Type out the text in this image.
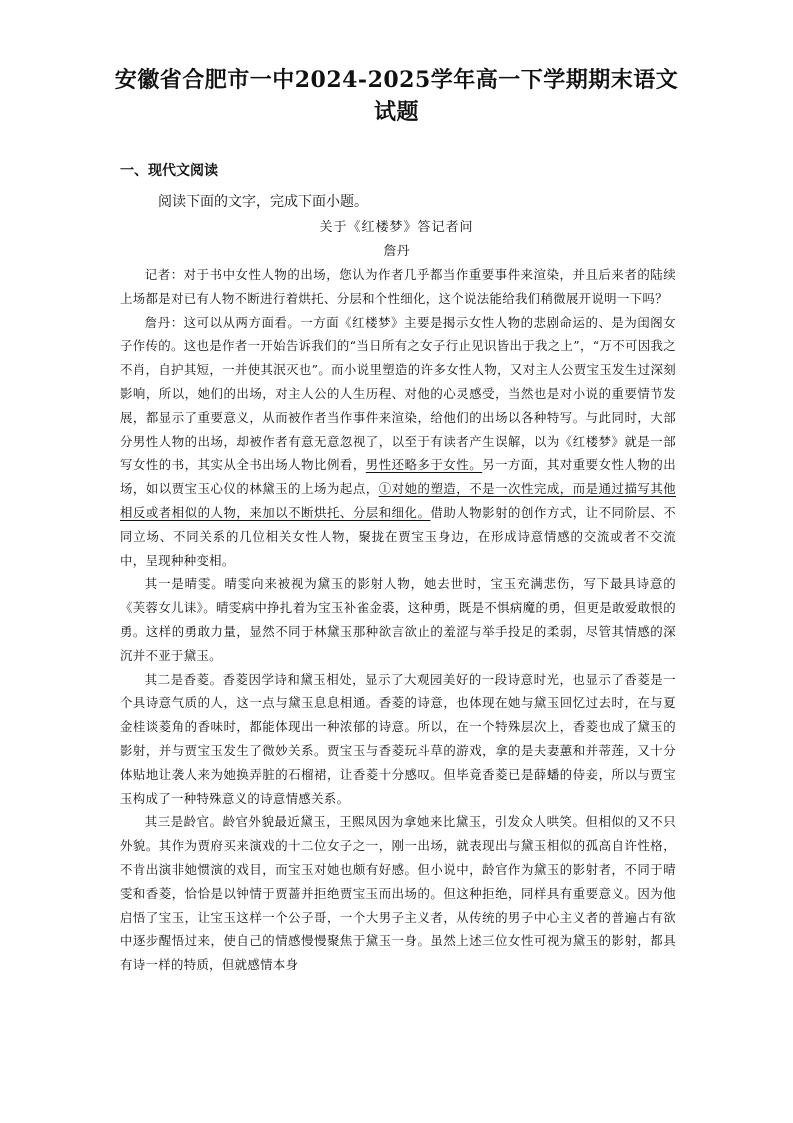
安徽省合肥市一中2024-2025学年高一下学期期末语文试题
一、现代文阅读

阅读下面的文字，完成下面小题。

关于《红楼梦》答记者问

詹丹

记者：对于书中女性人物的出场，您认为作者几乎都当作重要事件来渲染，并且后来者的陆续上场都是对已有人物不断进行着烘托、分层和个性细化，这个说法能给我们稍微展开说明一下吗？

詹丹：这可以从两方面看。一方面《红楼梦》主要是揭示女性人物的悲剧命运的、是为闺阁女子作传的。这也是作者一开始告诉我们的“当日所有之女子行止见识皆出于我之上”，“万不可因我之不肖，自护其短，一并使其泯灭也”。而小说里塑造的许多女性人物，又对主人公贾宝玉发生过深刻影响，所以，她们的出场，对主人公的人生历程、对他的心灵感受，当然也是对小说的重要情节发展，都显示了重要意义，从而被作者当作事件来渲染，给他们的出场以各种特写。与此同时，大部分男性人物的出场，却被作者有意无意忽视了，以至于有读者产生误解，以为《红楼梦》就是一部写女性的书，其实从全书出场人物比例看，男性还略多于女性。另一方面，其对重要女性人物的出场，如以贾宝玉心仪的林黛玉的上场为起点，①对她的塑造，不是一次性完成，而是通过描写其他相反或者相似的人物，来加以不断烘托、分层和细化。借助人物影射的创作方式，让不同阶层、不同立场、不同关系的几位相关女性人物，聚拢在贾宝玉身边，在形成诗意情感的交流或者不交流中，呈现种种变相。

其一是晴雯。晴雯向来被视为黛玉的影射人物，她去世时，宝玉充满悲伤，写下最具诗意的《芙蓉女儿诔》。晴雯病中挣扎着为宝玉补雀金裘，这种勇，既是不惧病魔的勇，但更是敢爱敢恨的勇。这样的勇敢力量，显然不同于林黛玉那种欲言欲止的羞涩与举手投足的柔弱，尽管其情感的深沉并不亚于黛玉。

其二是香菱。香菱因学诗和黛玉相处，显示了大观园美好的一段诗意时光，也显示了香菱是一个具诗意气质的人，这一点与黛玉息息相通。香菱的诗意，也体现在她与黛玉回忆过去时，在与夏金桂谈菱角的香味时，都能体现出一种浓郁的诗意。所以，在一个特殊层次上，香菱也成了黛玉的影射，并与贾宝玉发生了微妙关系。贾宝玉与香菱玩斗草的游戏，拿的是夫妻蕙和并蒂莲，又十分体贴地让袭人来为她换弄脏的石榴裙，让香菱十分感叹。但毕竟香菱已是薛蟠的侍妾，所以与贾宝玉构成了一种特殊意义的诗意情感关系。

其三是龄官。龄官外貌最近黛玉，王熙凤因为拿她来比黛玉，引发众人哄笑。但相似的又不只外貌。其作为贾府买来演戏的十二位女子之一，刚一出场，就表现出与黛玉相似的孤高自许性格，不肯出演非她惯演的戏目，而宝玉对她也颇有好感。但小说中，龄官作为黛玉的影射者，不同于晴雯和香菱，恰恰是以钟情于贾蔷并拒绝贾宝玉而出场的。但这种拒绝，同样具有重要意义。因为他启悟了宝玉，让宝玉这样一个公子哥，一个大男子主义者，从传统的男子中心主义者的普遍占有欲中逐步醒悟过来，使自己的情感慢慢聚焦于黛玉一身。虽然上述三位女性可视为黛玉的影射，都具有诗一样的特质，但就感情本身
